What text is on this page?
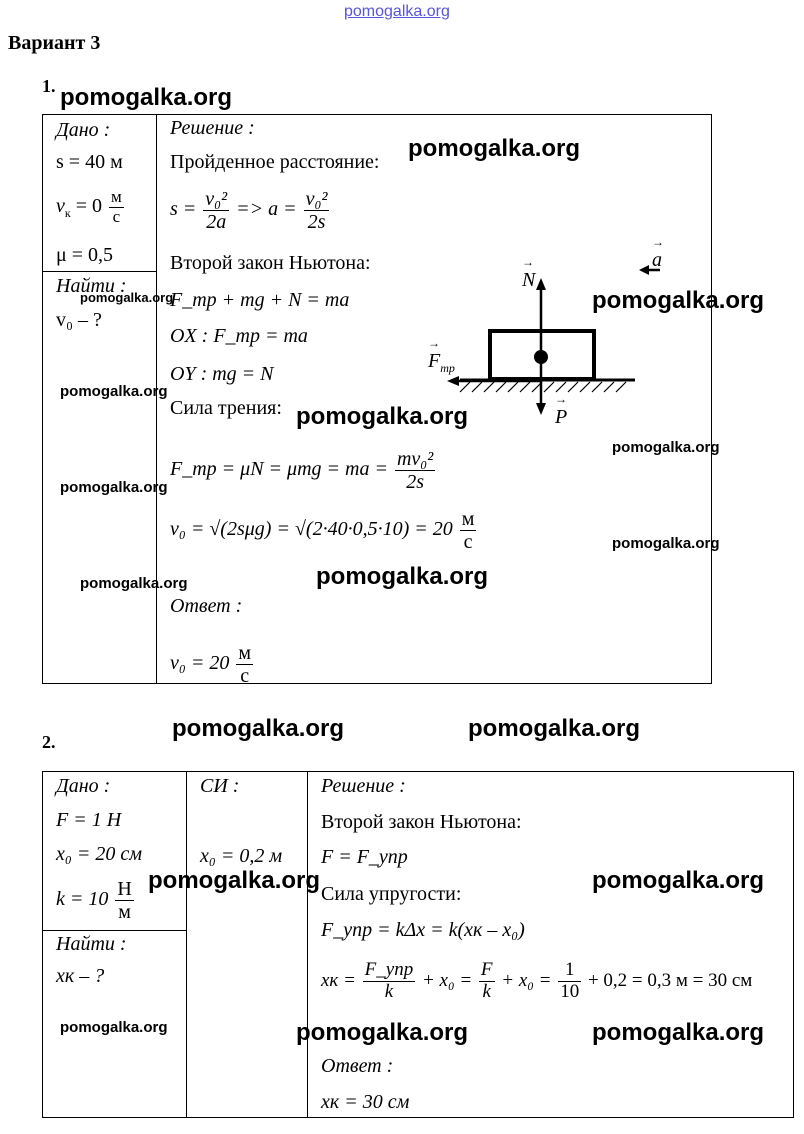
pomogalka.org
Вариант 3
1.
Дано :
s = 40 м
$v_к = 0 \frac{м}{с}$
μ = 0,5
Найти :
v₀ – ?
Решение :
Пройденное расстояние:
$s = \frac{\text{v₀²}}{2a} => a = \frac{\text{v₀²}}{2s}$
Второй закон Ньютона:
F_тр + mg + N = ma
OX : F_тр = ma
OY : mg = N
Сила трения:
F_тр = μN = μmg = ma = $\frac{\text{mv₀²}}{2s}$
$v_0 = √(2s\mu g) = √(2\cdot 40\cdot 0,5\cdot 10) = 20 \frac{м}{с}$
Ответ :
$v_0 = 20 \frac{м}{с}$
→ N
→ a
→ $F_{тр}$
→ P
2.
Дано :
F = 1 Н
x₀ = 20 см
$k = 10 \frac{Н}{м}$
Найти :
xк – ?
СИ :
x₀ = 0,2 м
Решение :
Второй закон Ньютона:
F = F_упр
Сила упругости:
F_упр = kΔx = k(xк – x₀)
xк = $\frac{\text{F\_упр}}{k} + x_0 = \frac{F}{k} + x_0 = \frac{1}{10} + 0,2 = 0,3$ м = 30 см
Ответ :
xк = 30 см
pomogalka.org
pomogalka.org
pomogalka.org	pomogalka.org
pomogalka.org
pomogalka.org
pomogalka.org
pomogalka.org
pomogalka.org
pomogalka.org
pomogalka.org
pomogalka.org	pomogalka.org
pomogalka.org	pomogalka.org
pomogalka.org	pomogalka.org	pomogalka.org
